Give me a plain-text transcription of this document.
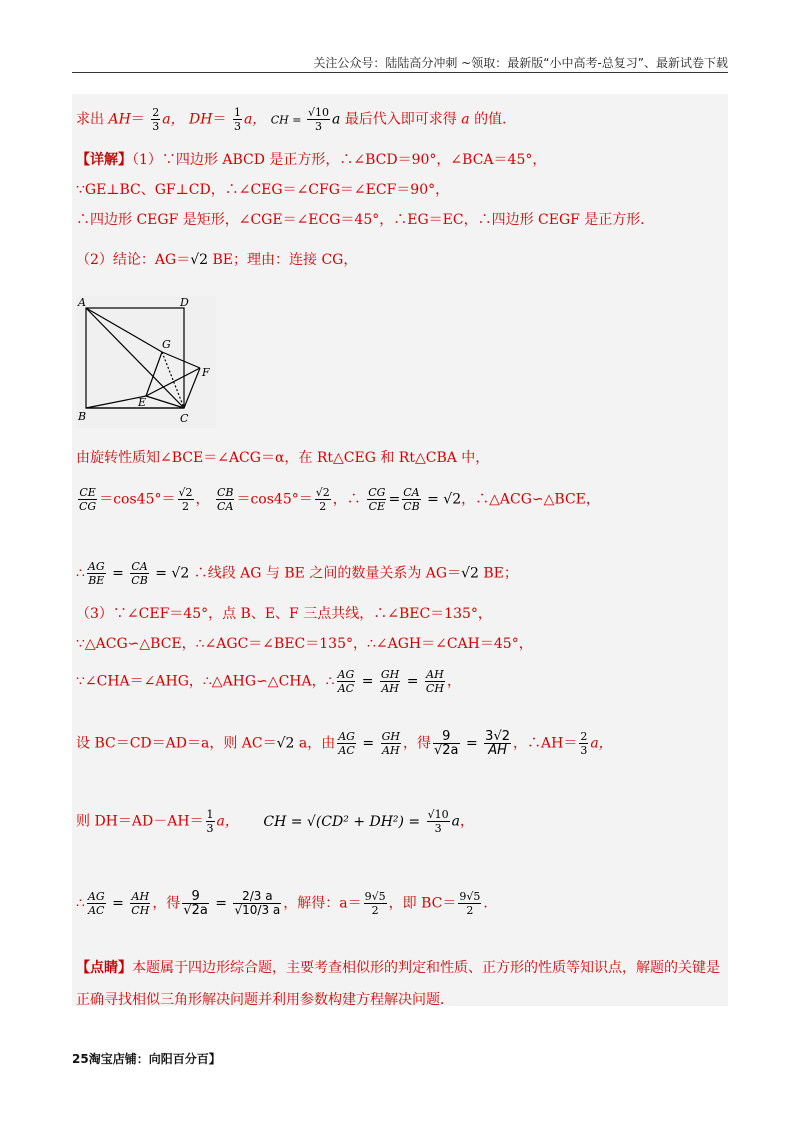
关注公众号：陆陆高分冲刺 ~领取：最新版“小中高考-总复习”、最新试卷下载
求出 $AH= \frac{2}{3}$ a， $DH= \frac{1}{3}$ a， CH = $\frac{√10}{3}$ a 最后代入即可求得 a 的值．
【详解】（1）∵四边形 ABCD 是正方形，∴∠BCD＝90°，∠BCA＝45°，
∵GE⊥BC、GF⊥CD，∴∠CEG＝∠CFG＝∠ECF＝90°，
∴四边形 CEGF 是矩形，∠CGE＝∠ECG＝45°，∴EG＝EC，∴四边形 CEGF 是正方形．
（2）结论：AG＝√2 BE；理由：连接 CG，
A	D
G
F
E
B	C
由旋转性质知∠BCE＝∠ACG＝α，在 Rt△CEG 和 Rt△CBA 中，
$\frac{CE}{CG} =\cos 45^\circ= \frac{√2}{2}$ ， $\frac{CB}{CA} =\cos 45^\circ= \frac{√2}{2}$ ，∴ $\frac{CG}{CE} = \frac{CA}{CB} = √2$，∴△ACG∽△BCE，
∴ $\frac{AG}{BE} = \frac{CA}{CB} = √2$ ∴线段 AG 与 BE 之间的数量关系为 AG＝√2 BE；
（3）∵∠CEF＝45°，点 B、E、F 三点共线，∴∠BEC＝135°，
∵△ACG∽△BCE，∴∠AGC＝∠BEC＝135°，∴∠AGH＝∠CAH＝45°，
∵∠CHA＝∠AHG，∴△AHG∽△CHA，∴ $\frac{AG}{AC} = \frac{GH}{AH} = \frac{AH}{CH}$ ，
设 BC＝CD＝AD＝a，则 AC＝√2 a，由 $\frac{AG}{AC} = \frac{GH}{AH}$ ，得 $\frac{9}{√2a} = \frac{3√2}{AH}$ ，∴AH＝ $\frac{2}{3}$ a，
则 $DH=AD-AH= \frac{1}{3}$ a， CH = $√(CD^2 + DH^2) = \frac{√10}{3}$ a，
∴ $\frac{AG}{AC} = \frac{AH}{CH}$ ，得 $\frac{9}{√2a} = \frac{2/3 a}{√10/3 a}$ ，解得：$a= \frac{9√5}{2}$ ，即 $BC= \frac{9√5}{2}$ ．
【点睛】本题属于四边形综合题，主要考查相似形的判定和性质、正方形的性质等知识点，解题的关键是
正确寻找相似三角形解决问题并利用参数构建方程解决问题．
25淘宝店铺：向阳百分百】
